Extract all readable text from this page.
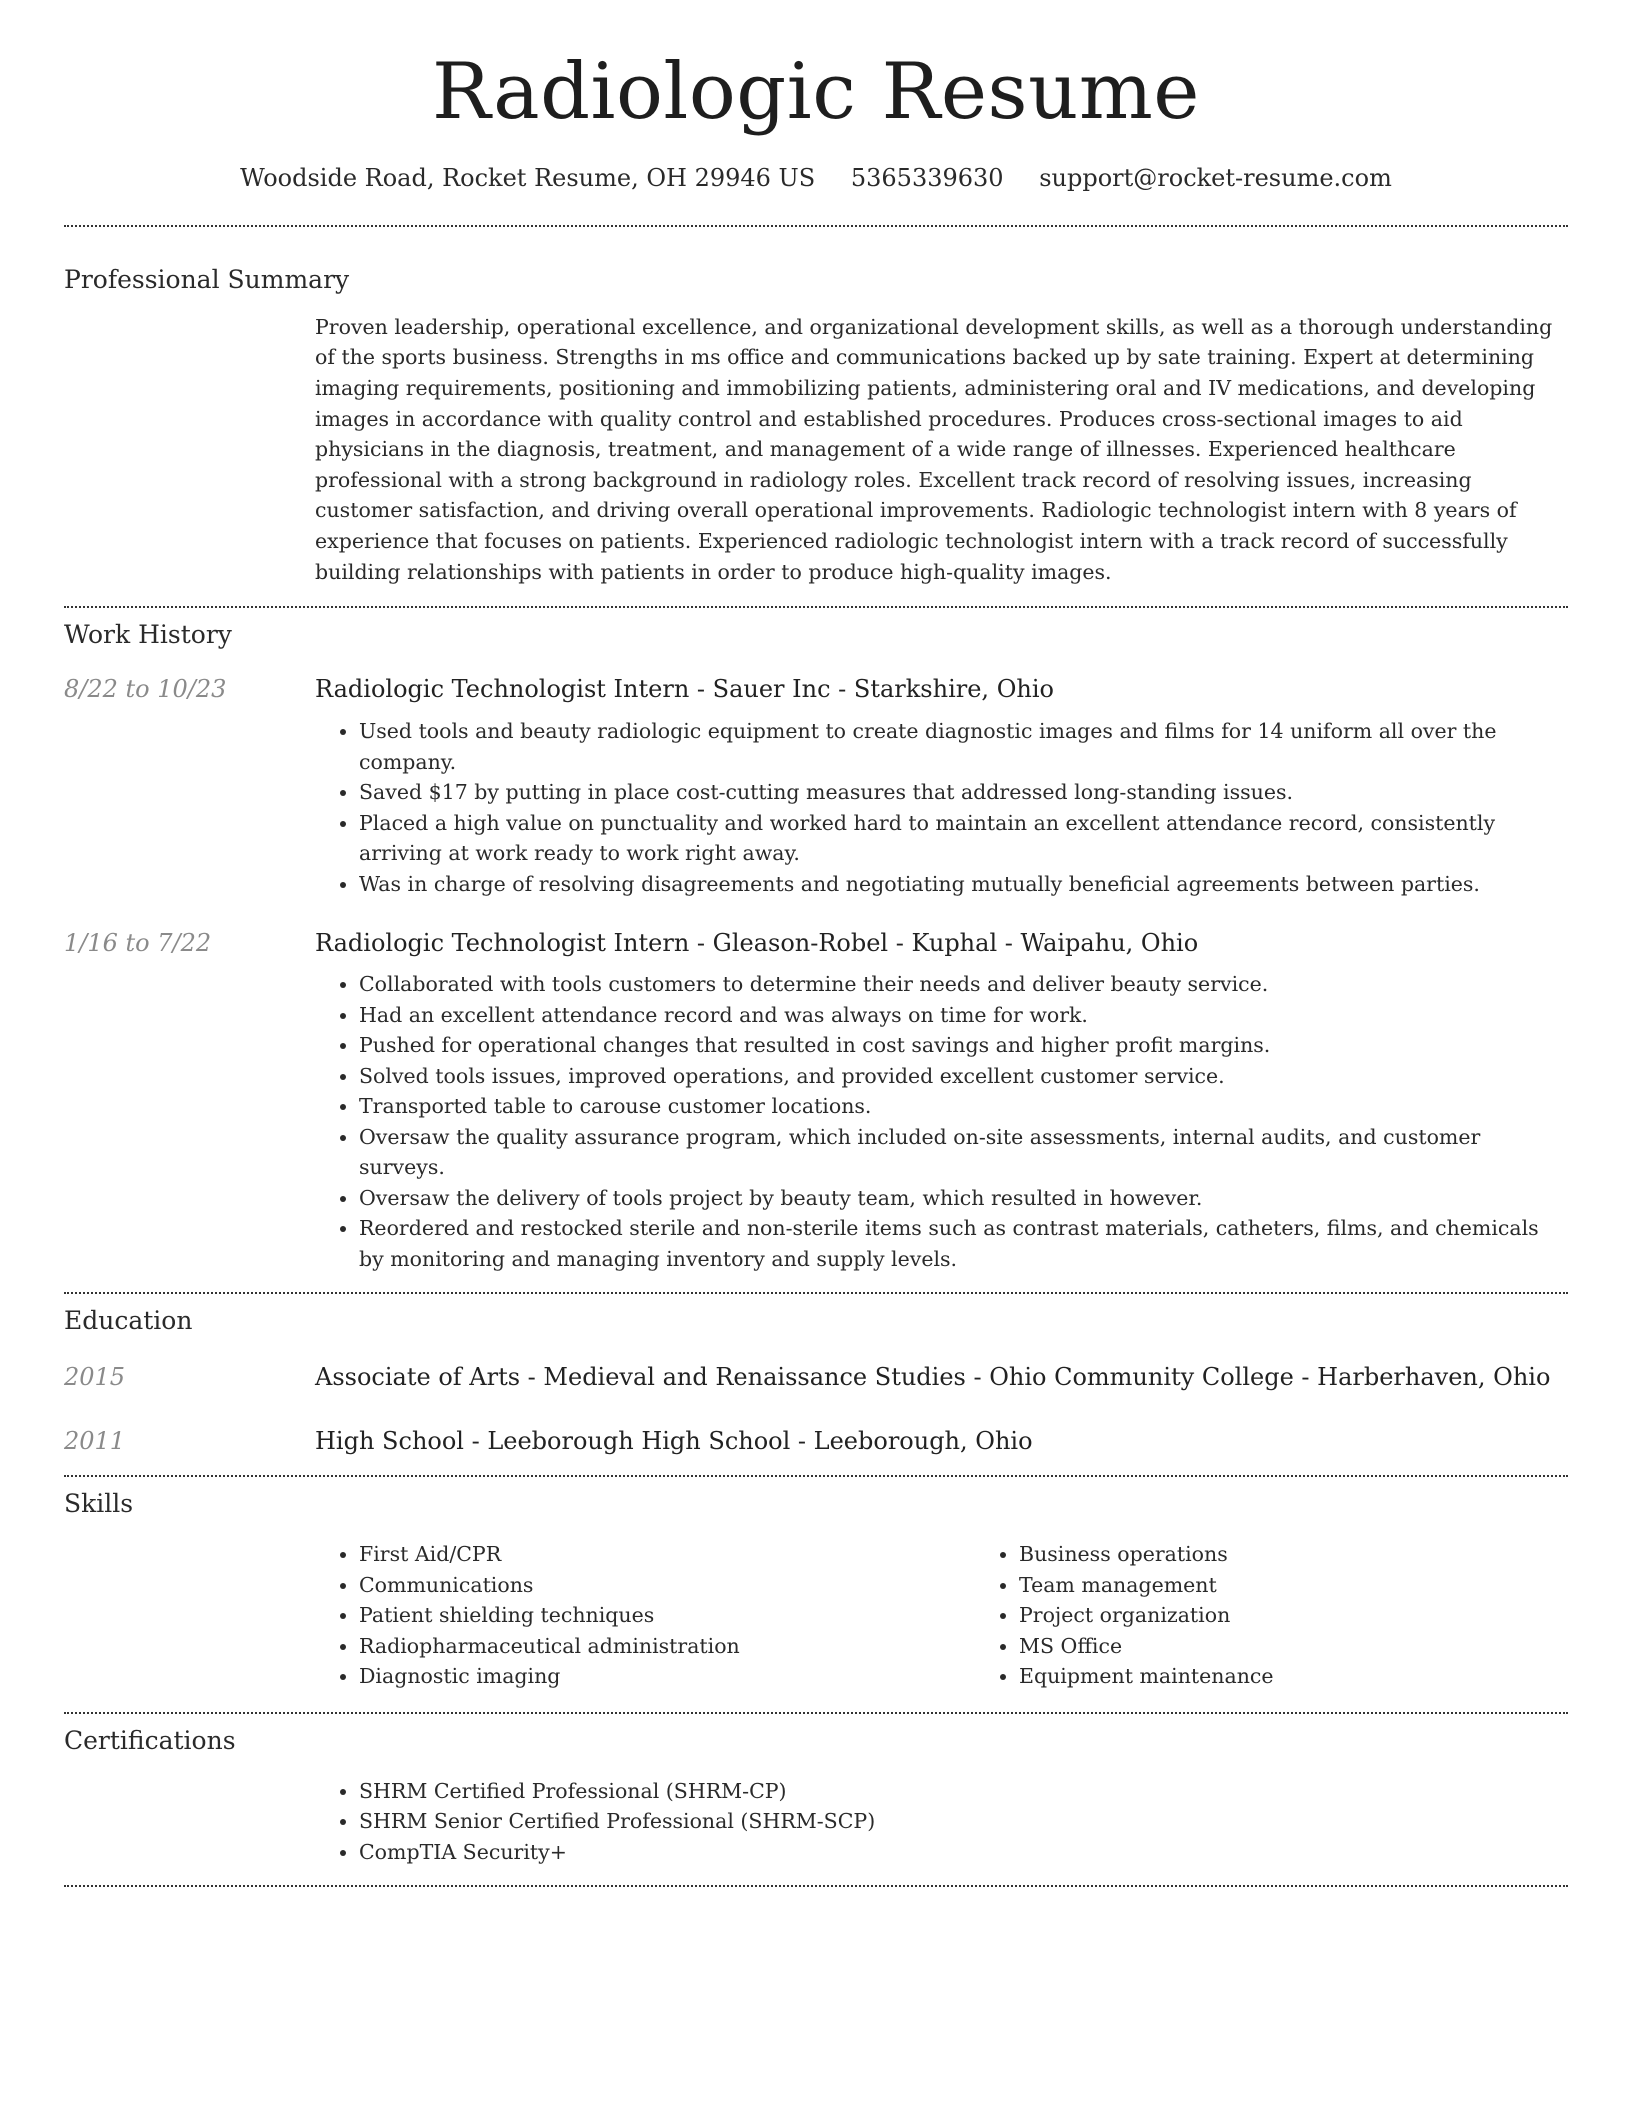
Radiologic Resume
Woodside Road, Rocket Resume, OH 29946 US 5365339630 support@rocket-resume.com
Professional Summary

Proven leadership, operational excellence, and organizational development skills, as well as a thorough understanding of the sports business. Strengths in ms office and communications backed up by sate training. Expert at determining imaging requirements, positioning and immobilizing patients, administering oral and IV medications, and developing images in accordance with quality control and established procedures. Produces cross-sectional images to aid physicians in the diagnosis, treatment, and management of a wide range of illnesses. Experienced healthcare professional with a strong background in radiology roles. Excellent track record of resolving issues, increasing customer satisfaction, and driving overall operational improvements. Radiologic technologist intern with 8 years of experience that focuses on patients. Experienced radiologic technologist intern with a track record of successfully building relationships with patients in order to produce high-quality images.

Work History
8/22 to 10/23	Radiologic Technologist Intern - Sauer Inc - Starkshire, Ohio
• Used tools and beauty radiologic equipment to create diagnostic images and films for 14 uniform all over the company.
• Saved $17 by putting in place cost-cutting measures that addressed long-standing issues.
• Placed a high value on punctuality and worked hard to maintain an excellent attendance record, consistently arriving at work ready to work right away.
• Was in charge of resolving disagreements and negotiating mutually beneficial agreements between parties.
1/16 to 7/22	Radiologic Technologist Intern - Gleason-Robel - Kuphal - Waipahu, Ohio
• Collaborated with tools customers to determine their needs and deliver beauty service.
• Had an excellent attendance record and was always on time for work.
• Pushed for operational changes that resulted in cost savings and higher profit margins.
• Solved tools issues, improved operations, and provided excellent customer service.
• Transported table to carouse customer locations.
• Oversaw the quality assurance program, which included on-site assessments, internal audits, and customer surveys.
• Oversaw the delivery of tools project by beauty team, which resulted in however.
• Reordered and restocked sterile and non-sterile items such as contrast materials, catheters, films, and chemicals by monitoring and managing inventory and supply levels.
Education
2015	Associate of Arts - Medieval and Renaissance Studies - Ohio Community College - Harberhaven, Ohio
2011	High School - Leeborough High School - Leeborough, Ohio
Skills
• First Aid/CPR
• Communications
• Patient shielding techniques
• Radiopharmaceutical administration
• Diagnostic imaging
• Business operations
• Team management
• Project organization
• MS Office
• Equipment maintenance
Certifications
• SHRM Certified Professional (SHRM-CP)
• SHRM Senior Certified Professional (SHRM-SCP)
• CompTIA Security+
